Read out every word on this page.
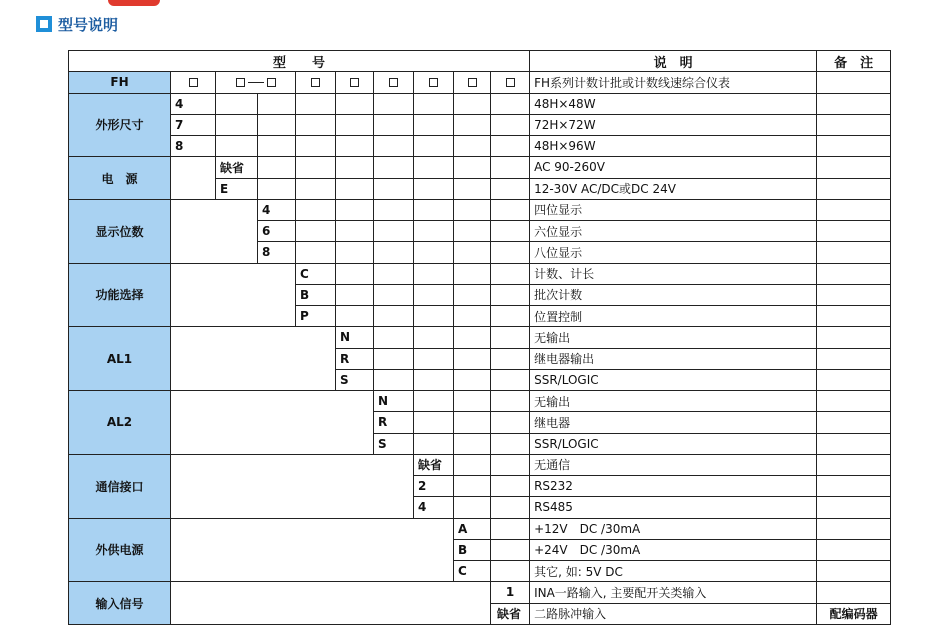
型号说明
型　　号										说　明	备　注
FH										FH系列计数计批或计数线速综合仪表	
外形尺寸	4									48H×48W	
	7									72H×72W	
	8									48H×96W	
电　源		缺省								AC 90-260V	
		E								12-30V AC/DC或DC 24V	
显示位数			4							四位显示	
			6							六位显示	
			8							八位显示	
功能选择				C						计数、计长	
				B						批次计数	
				P						位置控制	
AL1					N					无输出	
					R					继电器输出	
					S					SSR/LOGIC	
AL2						N				无输出	
						R				继电器	
						S				SSR/LOGIC	
通信接口							缺省			无通信	
							2			RS232	
							4			RS485	
外供电源								A		+12V　DC /30mA	
								B		+24V　DC /30mA	
								C		其它, 如: 5V DC	
输入信号									1	INA一路输入, 主要配开关类输入	
									缺省	二路脉冲输入	配编码器
